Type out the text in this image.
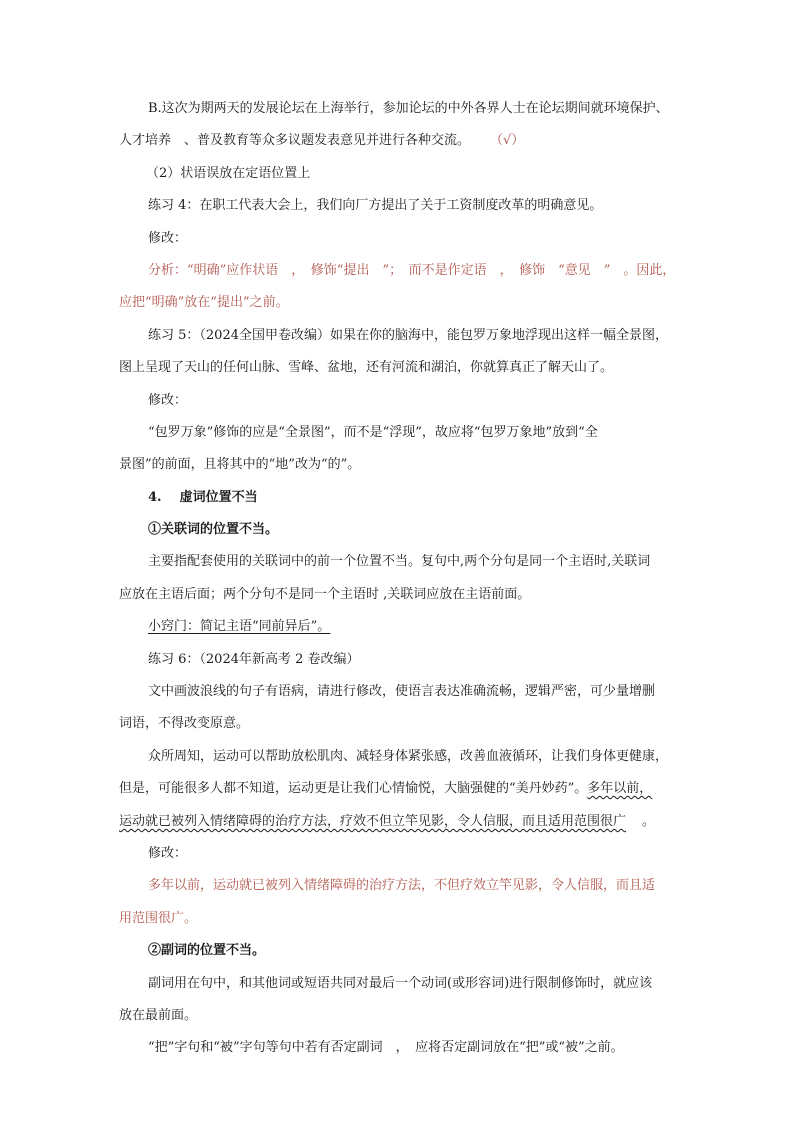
B.这次为期两天的发展论坛在上海举行，参加论坛的中外各界人士在论坛期间就环境保护、
人才培养　、普及教育等众多议题发表意见并进行各种交流。 （√）
（2）状语误放在定语位置上
练习 4：在职工代表大会上，我们向厂方提出了关于工资制度改革的明确意见。
修改：
分析：“明确”应作状语　，　修饰“提出　”；　而不是作定语　，　修饰　“意见　”　。因此，
应把“明确”放在“提出”之前。
练习 5：（2024全国甲卷改编）如果在你的脑海中，能包罗万象地浮现出这样一幅全景图，
图上呈现了天山的任何山脉、雪峰、盆地，还有河流和湖泊，你就算真正了解天山了。
修改：
“包罗万象”修饰的应是“全景图”，而不是“浮现”，故应将“包罗万象地”放到“全
景图”的前面，且将其中的“地”改为“的”。
4. 虚词位置不当
①关联词的位置不当。
主要指配套使用的关联词中的前一个位置不当。复句中,两个分句是同一个主语时,关联词
应放在主语后面；两个分句不是同一个主语时 ,关联词应放在主语前面。
小窍门：简记主语“同前异后”。
练习 6：（2024年新高考 2 卷改编）
文中画波浪线的句子有语病，请进行修改，使语言表达准确流畅，逻辑严密，可少量增删
词语，不得改变原意。
众所周知，运动可以帮助放松肌肉、减轻身体紧张感，改善血液循环，让我们身体更健康，
但是，可能很多人都不知道，运动更是让我们心情愉悦，大脑强健的“美丹妙药”。多年以前，
运动就已被列入情绪障碍的治疗方法，疗效不但立竿见影，令人信服，而且适用范围很广 。
修改：
多年以前，运动就已被列入情绪障碍的治疗方法，不但疗效立竿见影，令人信服，而且适
用范围很广。
②副词的位置不当。
副词用在句中，和其他词或短语共同对最后一个动词(或形容词)进行限制修饰时，就应该
放在最前面。
“把”字句和“被”字句等句中若有否定副词　，　应将否定副词放在“把”或“被”之前。
